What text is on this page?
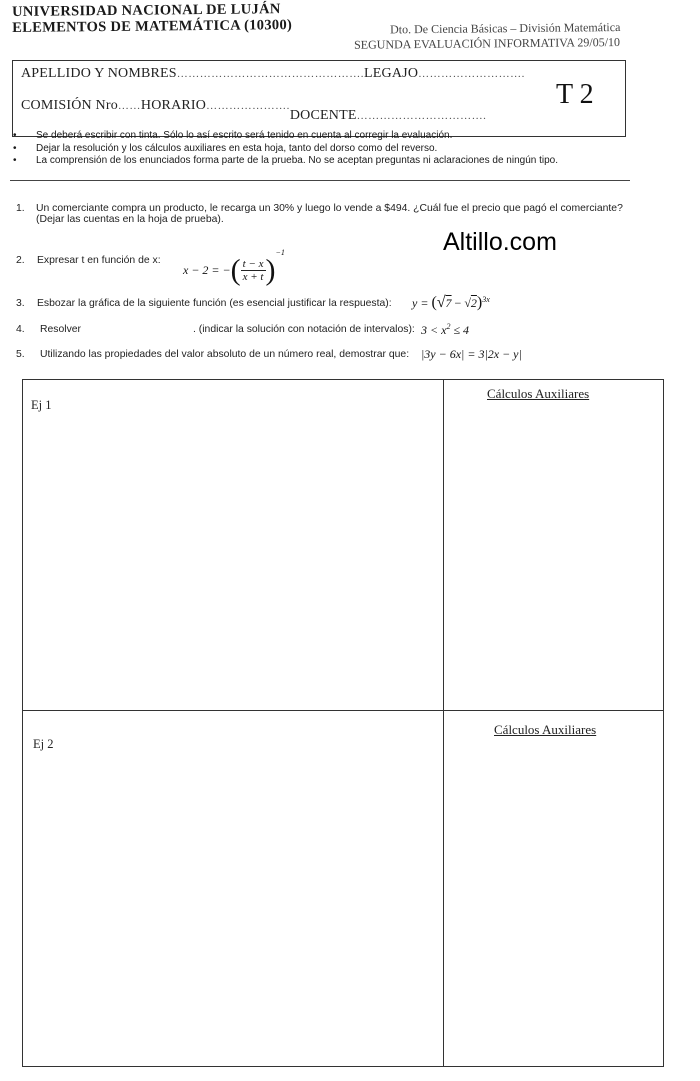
UNIVERSIDAD NACIONAL DE LUJÁN
ELEMENTOS DE MATEMÁTICA (10300)	Dto. De Ciencia Básicas – División Matemática
SEGUNDA EVALUACIÓN INFORMATIVA 29/05/10
APELLIDO Y NOMBRES………………………………………….LEGAJO……………………….
COMISIÓN $Nro\dots\dots HORARIO\dots\dots\dots\dots\dots\dots\dots.DOCENTE_{\dots\dots\dots\dots\dots\dots\dots\dots\dots\dots\dots.}$
T 2
• Se deberá escribir con tinta. Sólo lo así escrito será tenido en cuenta al corregir la evaluación.
• Dejar la resolución y los cálculos auxiliares en esta hoja, tanto del dorso como del reverso.
• La comprensión de los enunciados forma parte de la prueba. No se aceptan preguntas ni aclaraciones de ningún tipo.
1. Un comerciante compra un producto, le recarga un 30% y luego lo vende a $494. ¿Cuál fue el precio que pagó el comerciante?
(Dejar las cuentas en la hoja de prueba).
Altillo.com
2. Expresar t en función de x:
x − 2 = −( $\frac{t - x}{x + t} )^{-1}$
3. Esbozar la gráfica de la siguiente función (es esencial justificar la respuesta): $y = (√7 - √2)^{3x}$
4. Resolver	. (indicar la solución con notación de intervalos): $3 < x^2 \le 4$
5. Utilizando las propiedades del valor absoluto de un número real, demostrar que: |3y − 6x| = 3|2x − y|
Ej 1
Cálculos Auxiliares
Ej 2
Cálculos Auxiliares
